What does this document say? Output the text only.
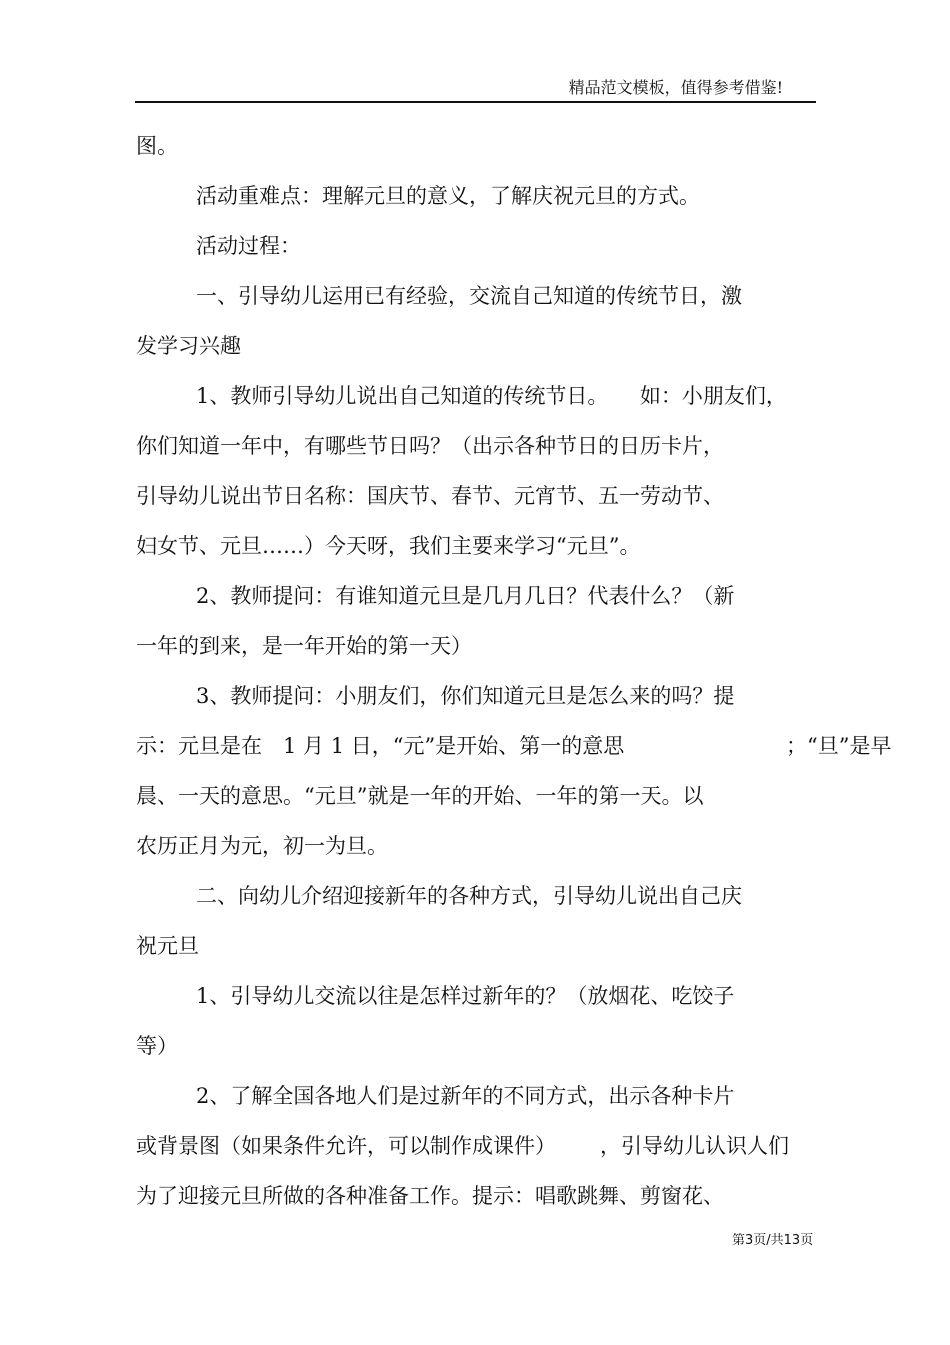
精品范文模板，值得参考借鉴!
图。
活动重难点：理解元旦的意义，了解庆祝元旦的方式。
活动过程：
一、引导幼儿运用已有经验，交流自己知道的传统节日，激
发学习兴趣
1、教师引导幼儿说出自己知道的传统节日。　　如：小朋友们，
你们知道一年中，有哪些节日吗？（出示各种节日的日历卡片，
引导幼儿说出节日名称：国庆节、春节、元宵节、五一劳动节、
妇女节、元旦……）今天呀，我们主要来学习“元旦”。
2、教师提问：有谁知道元旦是几月几日？代表什么？（新
一年的到来，是一年开始的第一天）
3、教师提问：小朋友们，你们知道元旦是怎么来的吗？提
示：元旦是在　1 月 1 日，“元”是开始、第一的意思	；“旦”是早
晨、一天的意思。“元旦”就是一年的开始、一年的第一天。以
农历正月为元，初一为旦。
二、向幼儿介绍迎接新年的各种方式，引导幼儿说出自己庆
祝元旦
1、引导幼儿交流以往是怎样过新年的？（放烟花、吃饺子
等）
2、了解全国各地人们是过新年的不同方式，出示各种卡片
或背景图（如果条件允许，可以制作成课件） ，引导幼儿认识人们
为了迎接元旦所做的各种准备工作。提示：唱歌跳舞、剪窗花、
第3页/共13页
